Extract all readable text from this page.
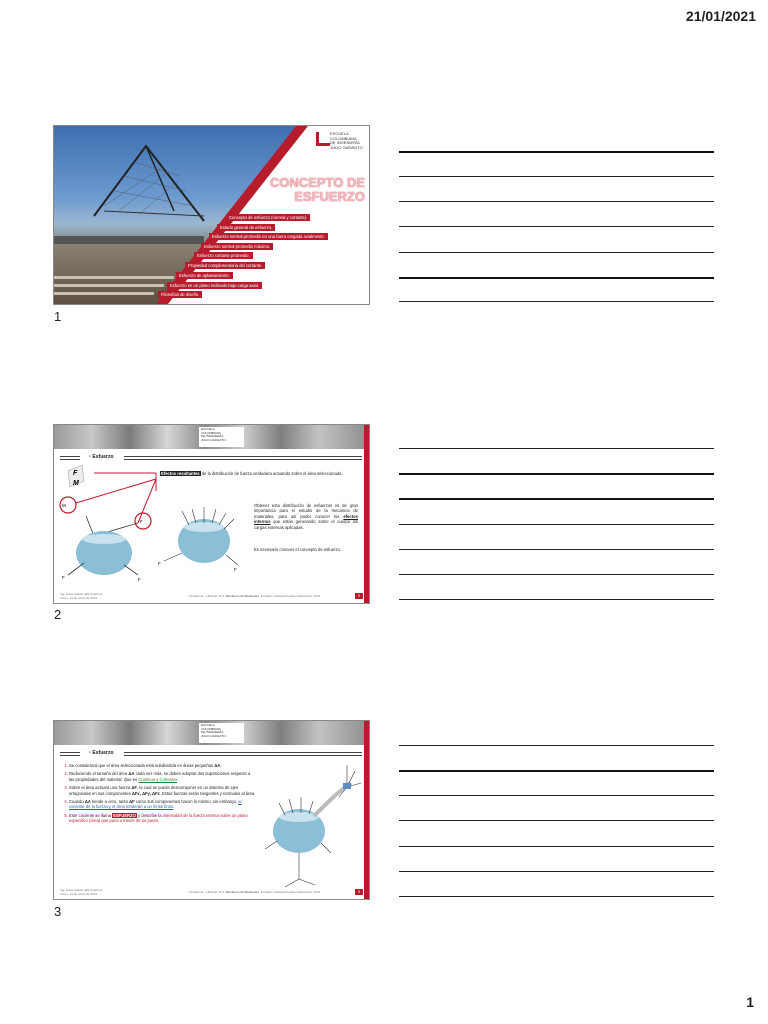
21/01/2021
ESCUELA
COLOMBIANA
DE INGENIERÍA
JULIO GARAVITO
CONCEPTO DE
ESFUERZO
Concepto de esfuerzo (normal y cortante).
Estado general de esfuerzo.
Esfuerzo normal promedio en una barra cargada axialmente.
Esfuerzo normal promedio máximo.
Esfuerzo cortante promedio.
Propiedad complementaria del cortante.
Esfuerzo de aplastamiento.
Esfuerzo en un plano inclinado bajo carga axial.
Filosofías de diseño.
1
ESCUELA
COLOMBIANA
DE INGENIERÍA
JULIO GARAVITO
◔ Esfuerzo
F
M
M
F
F	F
F
F
Efectos resultantes de la distribución de fuerza verdadera actuando sobre el área seleccionada.
Obtener esta distribución de esfuerzos es de gran importancia para el estudio de la mecánica de materiales, para así poder conocer los efectos internos que están generando sobre el cuerpo las cargas externas aplicadas.
Es necesario conocer el concepto de esfuerzo.
Ing. Jesús Daniel Villa Paternos
Lunes, 11 de enero de 2021	Tomado de : Hibbeler, R.C. Mecánica de Materiales. 8 edición. Editorial Pearson Educación. 2011	2
2
ESCUELA
COLOMBIANA
DE INGENIERÍA
JULIO GARAVITO
◔ Esfuerzo
1. Se considerará que el área seleccionada está subdividida en áreas pequeñas ΔA.
2. Reduciendo el tamaño del área ΔA cada vez más, se deben adoptar dos suposiciones respecto a las propiedades del material: Que es Continuo y Cohesivo.
3. Sobre el área actuará una fuerza ΔF, la cual se puede descomponer en un sistema de ejes ortogonales en sus componentes ΔFx, ΔFy, ΔFz. Estas fuerzas serán tangentes y normales al área.
4. Cuando ΔA tiende a cero, tanto ΔF como sus componentes hacen lo mismo; sin embargo, el cociente de la fuerza y el área tenderán a un límite finito.
5. Este cociente se llama ESFUERZO y describe la intensidad de la fuerza interna sobre un plano específico (área) que pasa a través de un punto.
Ing. Jesús Daniel Villa Paternos
Lunes, 11 de enero de 2021	Tomado de : Hibbeler, R.C. Mecánica de Materiales. 8 edición. Editorial Pearson Educación. 2011	3
3
1
